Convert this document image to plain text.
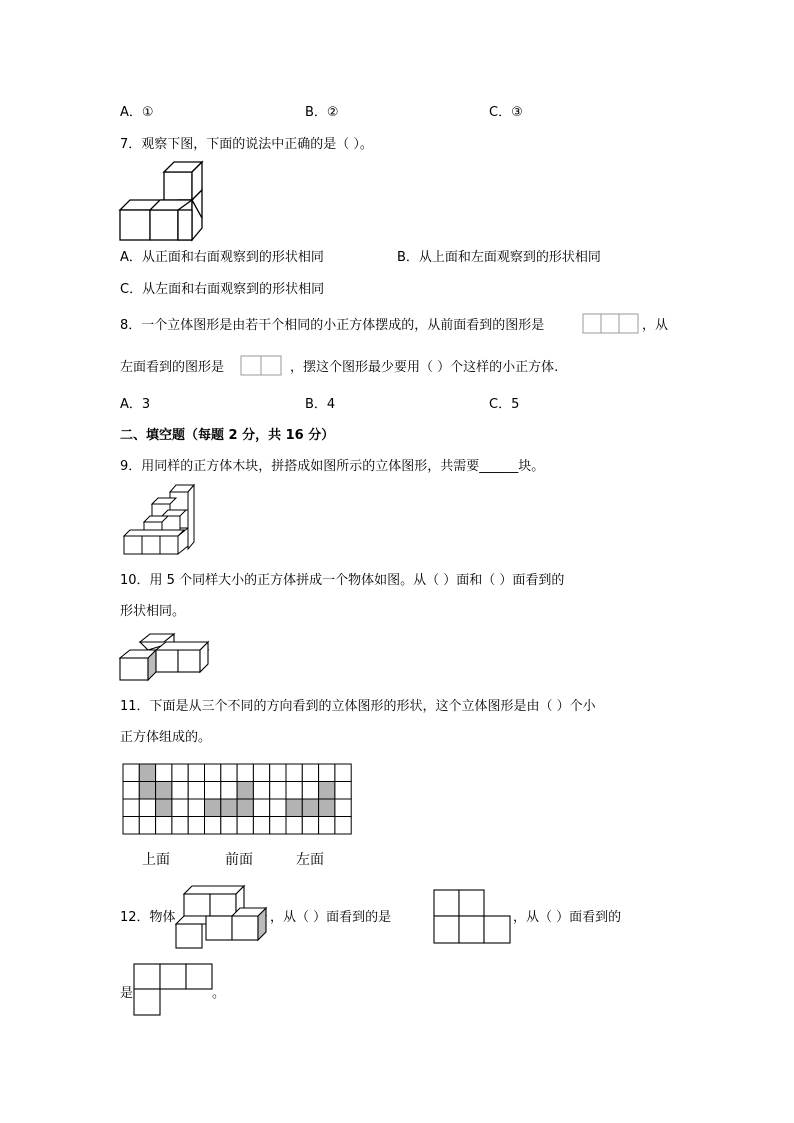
A．①	B．②	C．③
7．观察下图，下面的说法中正确的是（ ）。
A．从正面和右面观察到的形状相同	B．从上面和左面观察到的形状相同
C．从左面和右面观察到的形状相同
8．一个立体图形是由若干个相同的小正方体摆成的，从前面看到的图形是	，从
左面看到的图形是	，摆这个图形最少要用（ ）个这样的小正方体.
A．3	B．4	C．5
二、填空题（每题 2 分，共 16 分）
9．用同样的正方体木块，拼搭成如图所示的立体图形，共需要______块。
10．用 5 个同样大小的正方体拼成一个物体如图。从（ ）面和（ ）面看到的
形状相同。
11．下面是从三个不同的方向看到的立体图形的形状，这个立体图形是由（ ）个小
正方体组成的。
上面	前面	左面
12．物体	，从（ ）面看到的是	，从（ ）面看到的
是	。
